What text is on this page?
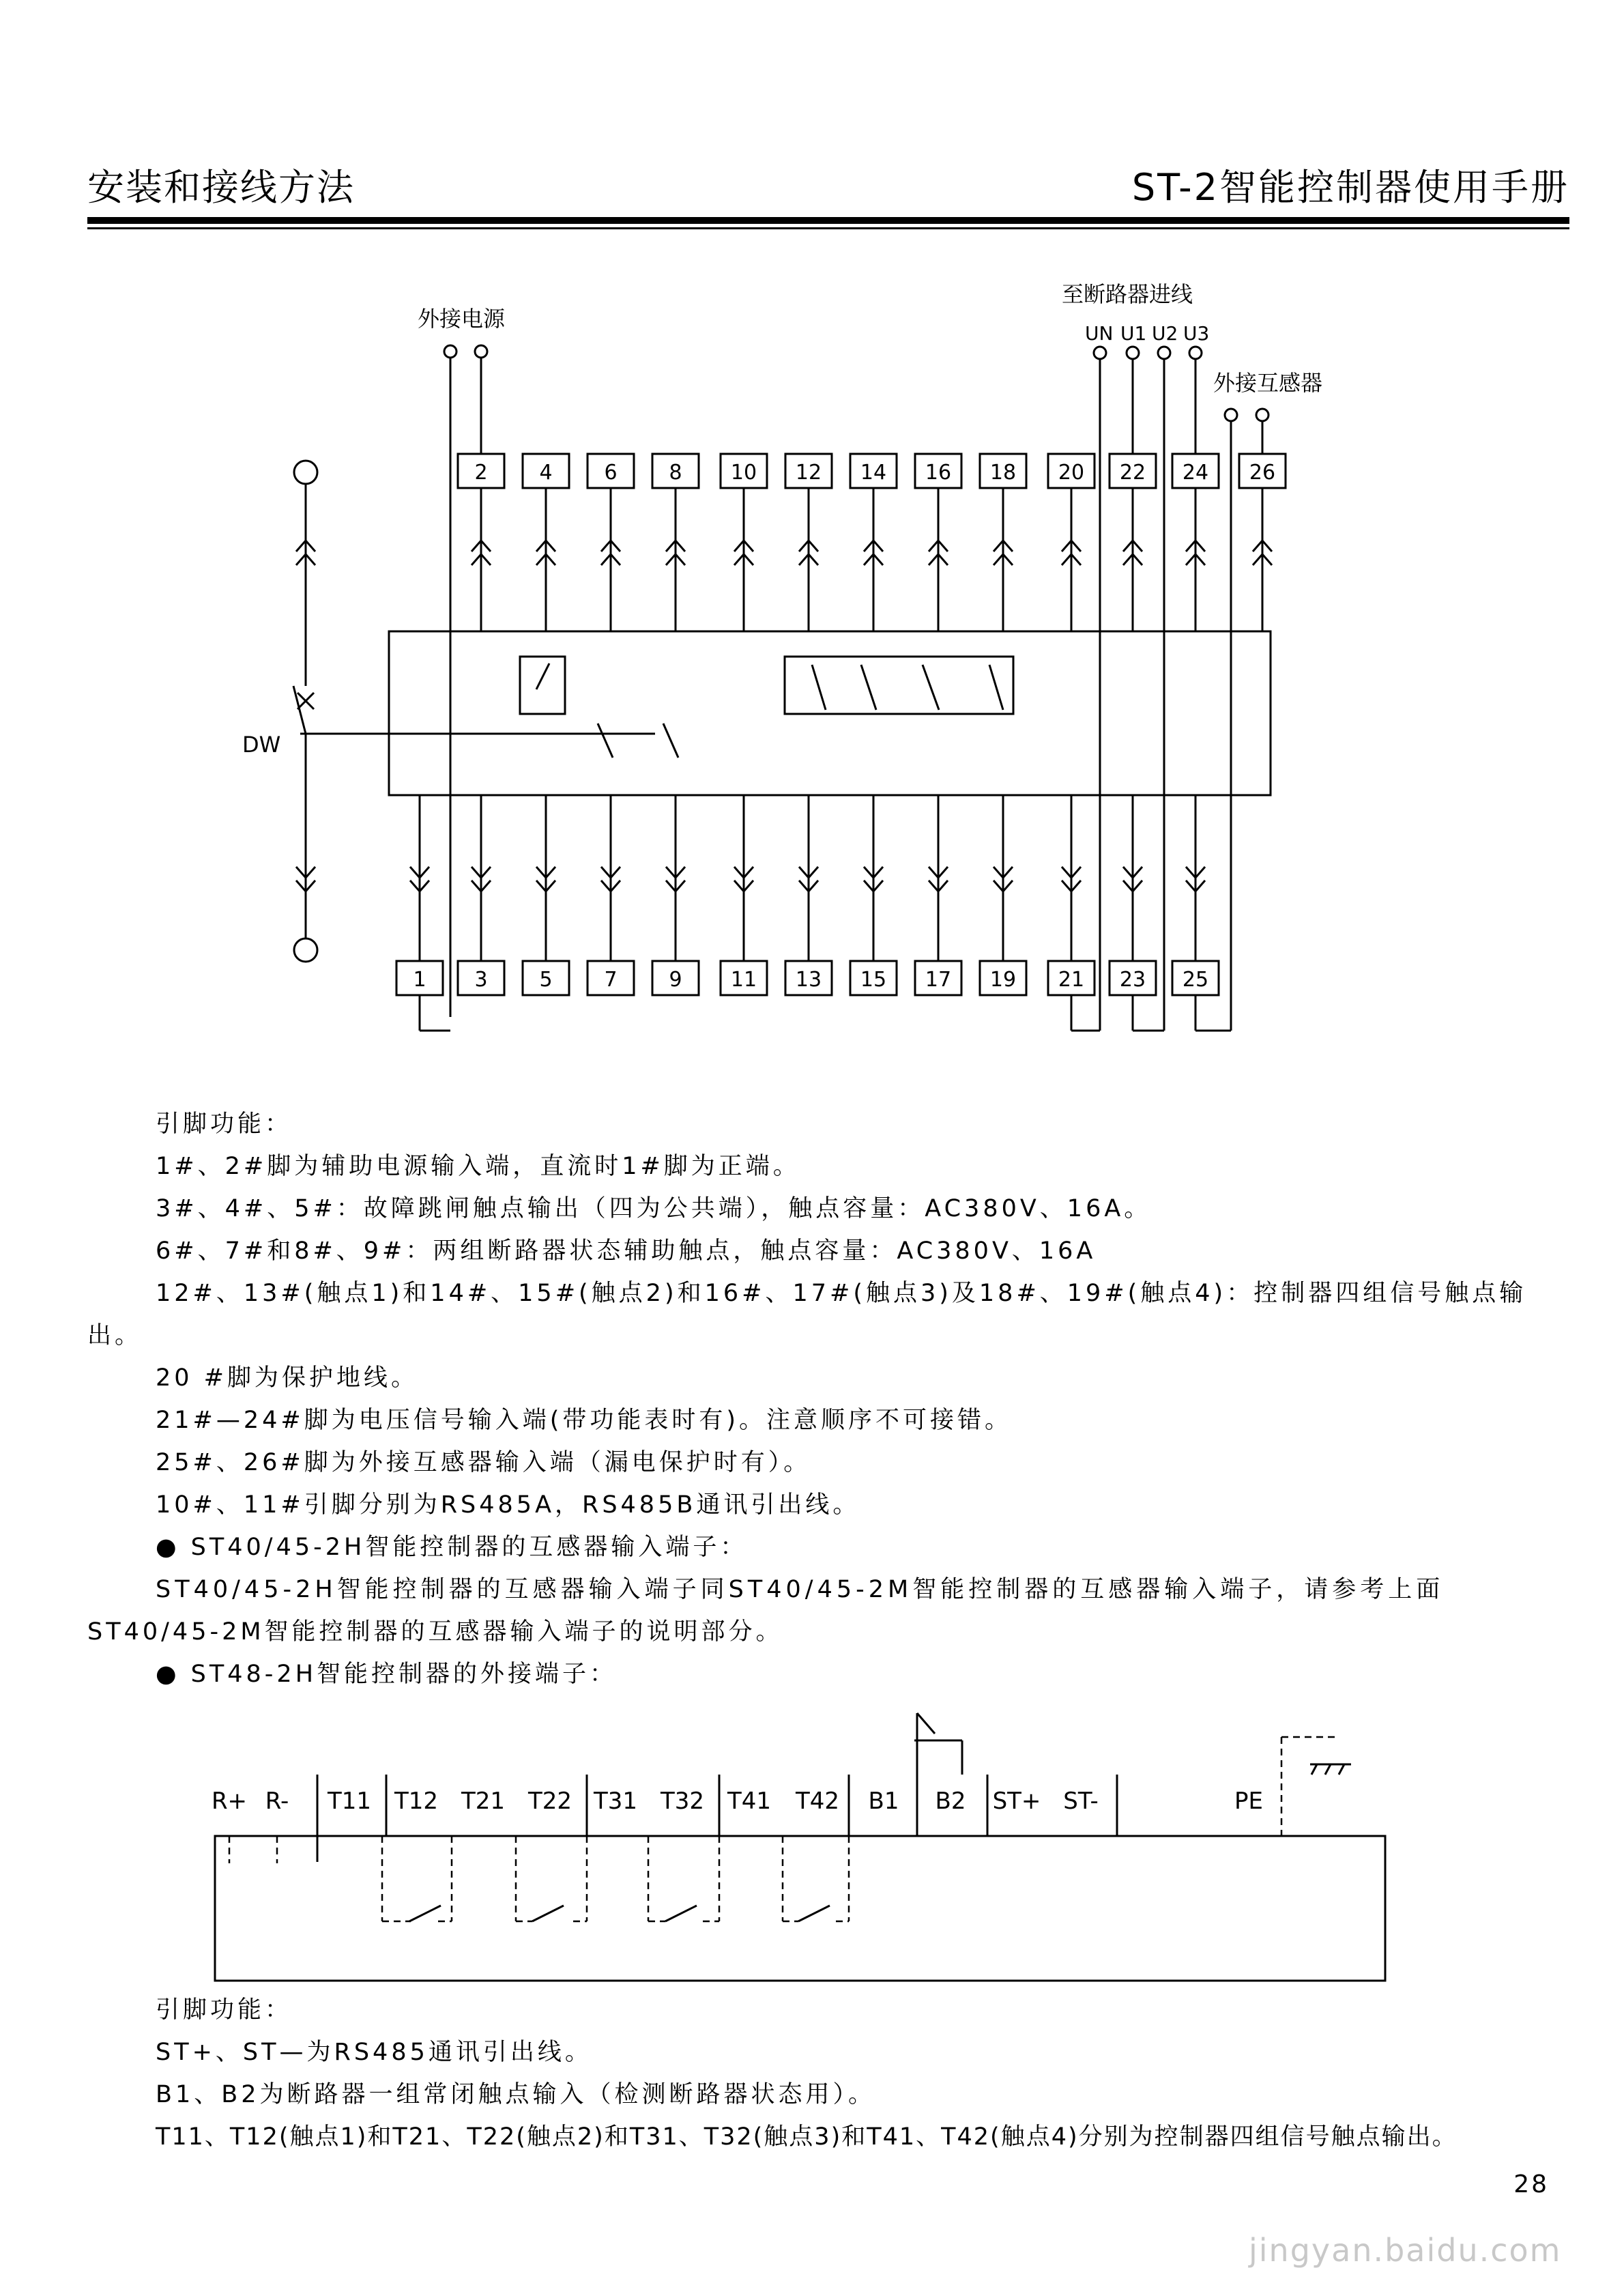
安装和接线方法	ST-2智能控制器使用手册
2	4	6	8 10 12 14 16 18 20 22 24 26
1 3	5	7	9 11 13 15 17 19 21 23 25
外接电源
至断路器进线
外接互感器
DW
UN U1 U2 U3
引脚功能：
1#、2#脚为辅助电源输入端，直流时1#脚为正端。
3#、4#、5#：故障跳闸触点输出（四为公共端），触点容量：AC380V、16A。
6#、7#和8#、9#：两组断路器状态辅助触点，触点容量：AC380V、16A
12#、13#(触点1)和14#、15#(触点2)和16#、17#(触点3)及18#、19#(触点4)：控制器四组信号触点输
出。
20 #脚为保护地线。
21#—24#脚为电压信号输入端(带功能表时有)。注意顺序不可接错。
25#、26#脚为外接互感器输入端（漏电保护时有）。
10#、11#引脚分别为RS485A，RS485B通讯引出线。
● ST40/45-2H智能控制器的互感器输入端子：
ST40/45-2H智能控制器的互感器输入端子同ST40/45-2M智能控制器的互感器输入端子，请参考上面
ST40/45-2M智能控制器的互感器输入端子的说明部分。
● ST48-2H智能控制器的外接端子：
R+ R- T11 T12 T21 T22 T31 T32 T41 T42 B1 B2 ST+ ST-	PE
引脚功能：
ST+、ST—为RS485通讯引出线。
B1、B2为断路器一组常闭触点输入（检测断路器状态用）。
T11、T12(触点1)和T21、T22(触点2)和T31、T32(触点3)和T41、T42(触点4)分别为控制器四组信号触点输出。
28
jingyan.baidu.com
